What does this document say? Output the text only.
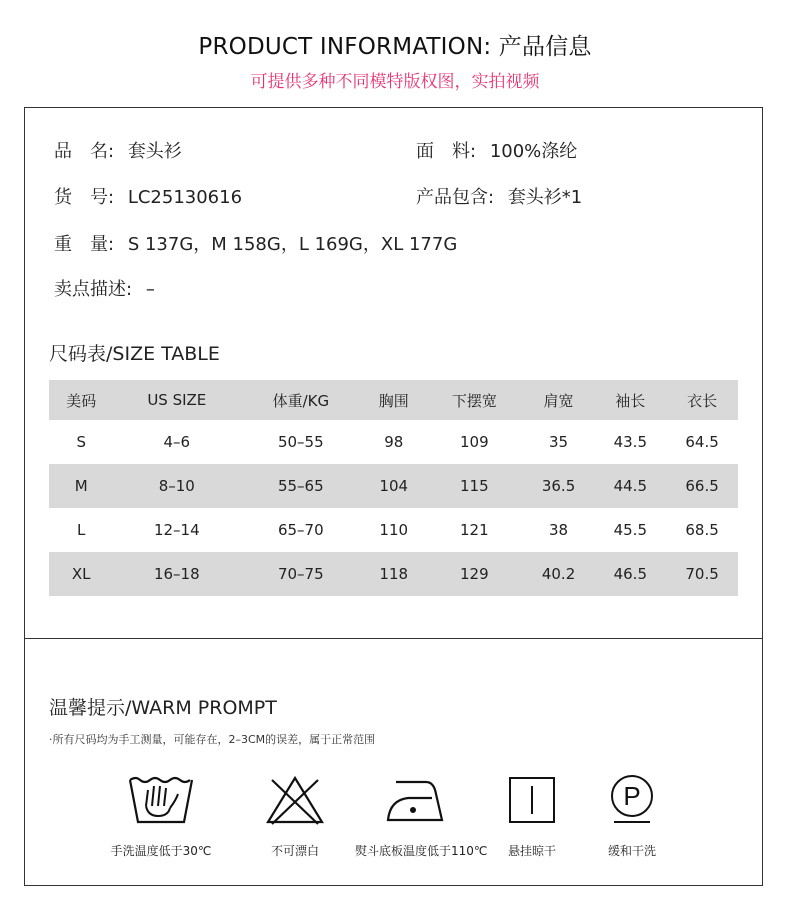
PRODUCT INFORMATION: 产品信息
可提供多种不同模特版权图，实拍视频
品　名: 套头衫	面　料: 100%涤纶
货　号: LC25130616	产品包含: 套头衫*1
重　量: S 137G，M 158G，L 169G，XL 177G
卖点描述: –
尺码表/SIZE TABLE
美码	US SIZE	体重/KG	胸围	下摆宽	肩宽	袖长	衣长
S	4–6	50–55	98	109	35	43.5	64.5
M	8–10	55–65	104	115	36.5	44.5	66.5
L	12–14	65–70	110	121	38	45.5	68.5
XL	16–18	70–75	118	129	40.2	46.5	70.5
温馨提示/WARM PROMPT
·所有尺码均为手工测量，可能存在，2–3CM的误差，属于正常范围
手洗温度低于30℃	不可漂白	熨斗底板温度低于110℃	悬挂晾干
P
缓和干洗
